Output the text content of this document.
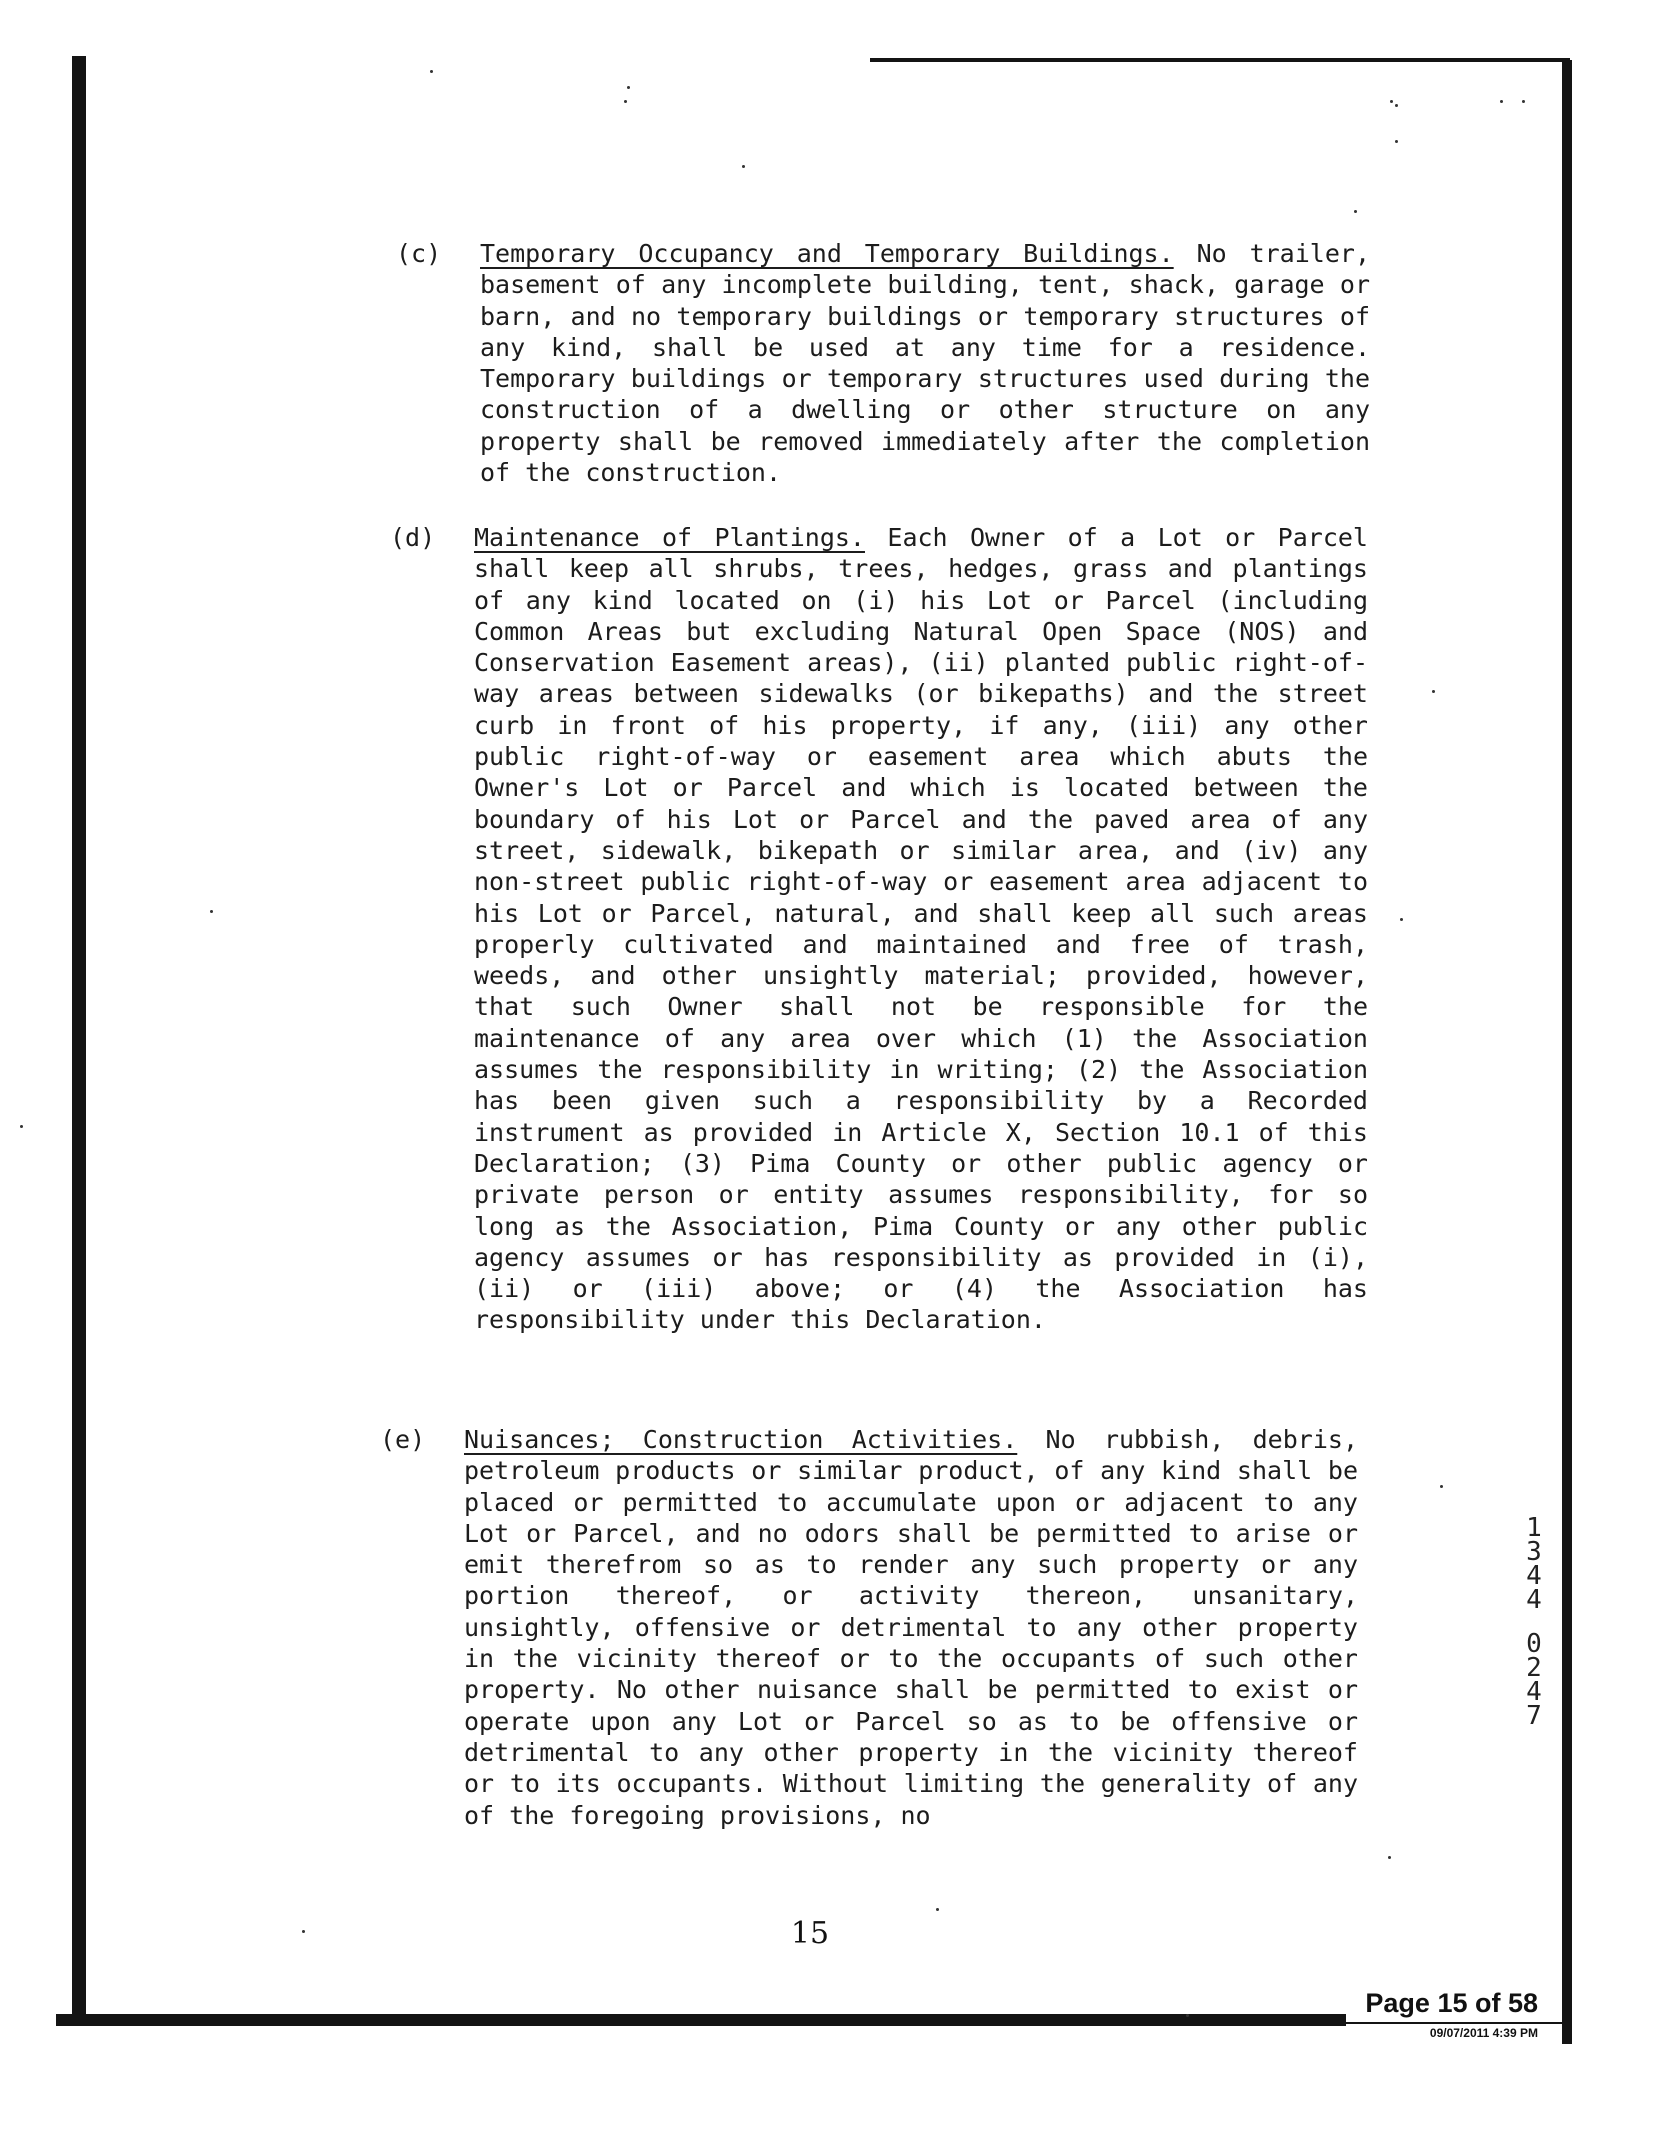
(c) Temporary Occupancy and Temporary Buildings. No trailer, basement of any incomplete building, tent, shack, garage or barn, and no temporary buildings or temporary structures of any kind, shall be used at any time for a residence. Temporary buildings or temporary structures used during the construction of a dwelling or other structure on any property shall be removed immediately after the completion of the construction.
(d) Maintenance of Plantings. Each Owner of a Lot or Parcel shall keep all shrubs, trees, hedges, grass and plantings of any kind located on (i) his Lot or Parcel (including Common Areas but excluding Natural Open Space (NOS) and Conservation Easement areas), (ii) planted public right-of-way areas between sidewalks (or bikepaths) and the street curb in front of his property, if any, (iii) any other public right-of-way or easement area which abuts the Owner's Lot or Parcel and which is located between the boundary of his Lot or Parcel and the paved area of any street, sidewalk, bikepath or similar area, and (iv) any non-street public right-of-way or easement area adjacent to his Lot or Parcel, natural, and shall keep all such areas properly cultivated and maintained and free of trash, weeds, and other unsightly material; provided, however, that such Owner shall not be responsible for the maintenance of any area over which (1) the Association assumes the responsibility in writing; (2) the Association has been given such a responsibility by a Recorded instrument as provided in Article X, Section 10.1 of this Declaration; (3) Pima County or other public agency or private person or entity assumes responsibility, for so long as the Association, Pima County or any other public agency assumes or has responsibility as provided in (i), (ii) or (iii) above; or (4) the Association has responsibility under this Declaration.
(e) Nuisances; Construction Activities. No rubbish, debris, petroleum products or similar product, of any kind shall be placed or permitted to accumulate upon or adjacent to any Lot or Parcel, and no odors shall be permitted to arise or emit therefrom so as to render any such property or any portion thereof, or activity thereon, unsanitary, unsightly, offensive or detrimental to any other property in the vicinity thereof or to the occupants of such other property. No other nuisance shall be permitted to exist or operate upon any Lot or Parcel so as to be offensive or detrimental to any other property in the vicinity thereof or to its occupants. Without limiting the generality of any of the foregoing provisions, no
15
1
3
4
4
0
2
4
7
Page 15 of 58
09/07/2011 4:39 PM
